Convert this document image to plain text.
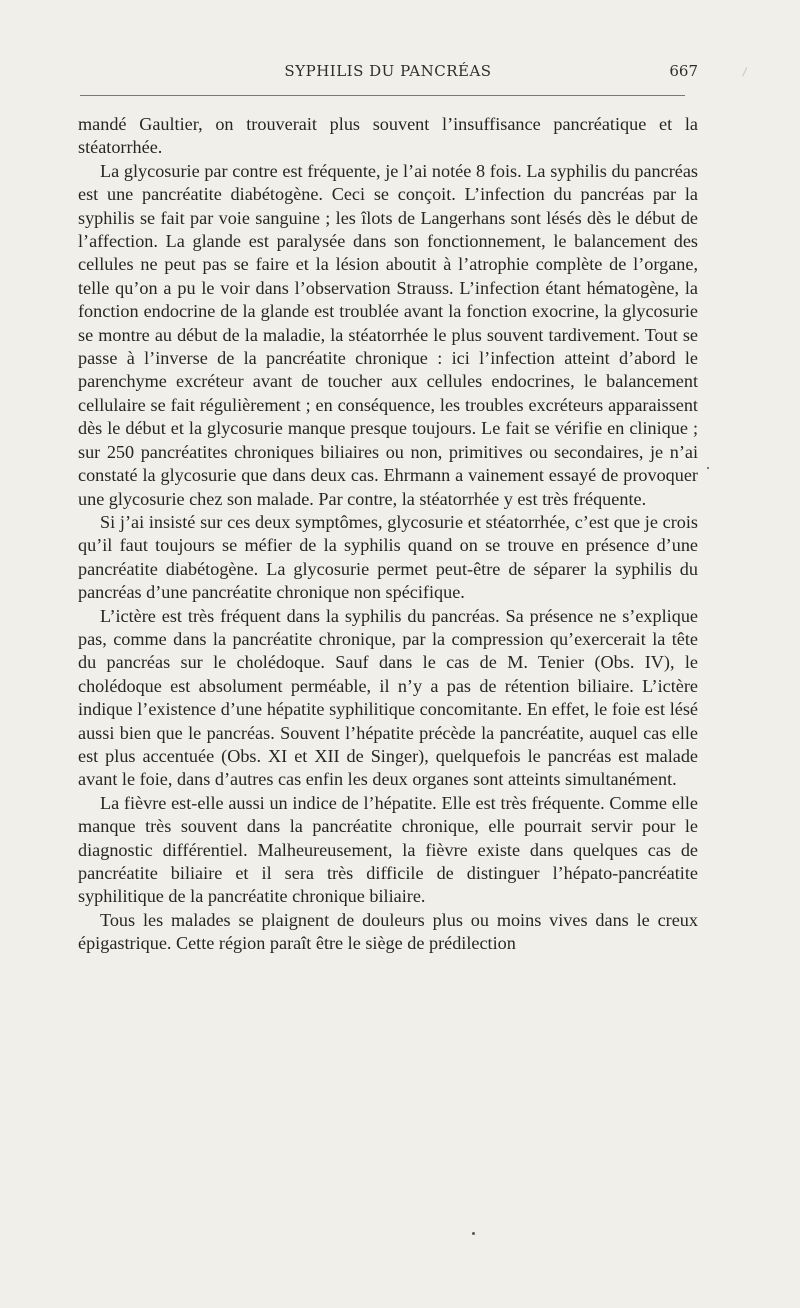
SYPHILIS DU PANCRÉAS	667

mandé Gaultier, on trouverait plus souvent l’insuffisance pancréatique et la stéatorrhée.

La glycosurie par contre est fréquente, je l’ai notée 8 fois. La syphilis du pancréas est une pancréatite diabétogène. Ceci se conçoit. L’infection du pancréas par la syphilis se fait par voie sanguine ; les îlots de Langerhans sont lésés dès le début de l’affection. La glande est paralysée dans son fonctionnement, le balancement des cellules ne peut pas se faire et la lésion aboutit à l’atrophie complète de l’organe, telle qu’on a pu le voir dans l’observation Strauss. L’infection étant hématogène, la fonction endocrine de la glande est troublée avant la fonction exocrine, la glycosurie se montre au début de la maladie, la stéatorrhée le plus souvent tardivement. Tout se passe à l’inverse de la pancréatite chronique : ici l’infection atteint d’abord le parenchyme excréteur avant de toucher aux cellules endocrines, le balancement cellulaire se fait régulièrement ; en conséquence, les troubles excréteurs apparaissent dès le début et la glycosurie manque presque toujours. Le fait se vérifie en clinique ; sur 250 pancréatites chroniques biliaires ou non, primitives ou secondaires, je n’ai constaté la glycosurie que dans deux cas. Ehrmann a vainement essayé de provoquer une glycosurie chez son malade. Par contre, la stéatorrhée y est très fréquente.

Si j’ai insisté sur ces deux symptômes, glycosurie et stéatorrhée, c’est que je crois qu’il faut toujours se méfier de la syphilis quand on se trouve en présence d’une pancréatite diabétogène. La glycosurie permet peut-être de séparer la syphilis du pancréas d’une pancréatite chronique non spécifique.

L’ictère est très fréquent dans la syphilis du pancréas. Sa présence ne s’explique pas, comme dans la pancréatite chronique, par la compression qu’exercerait la tête du pancréas sur le cholédoque. Sauf dans le cas de M. Tenier (Obs. IV), le cholédoque est absolument perméable, il n’y a pas de rétention biliaire. L’ictère indique l’existence d’une hépatite syphilitique concomitante. En effet, le foie est lésé aussi bien que le pancréas. Souvent l’hépatite précède la pancréatite, auquel cas elle est plus accentuée (Obs. XI et XII de Singer), quelquefois le pancréas est malade avant le foie, dans d’autres cas enfin les deux organes sont atteints simultanément.

La fièvre est-elle aussi un indice de l’hépatite. Elle est très fréquente. Comme elle manque très souvent dans la pancréatite chronique, elle pourrait servir pour le diagnostic différentiel. Malheureusement, la fièvre existe dans quelques cas de pancréatite biliaire et il sera très difficile de distinguer l’hépato-pancréatite syphilitique de la pancréatite chronique biliaire.

Tous les malades se plaignent de douleurs plus ou moins vives dans le creux épigastrique. Cette région paraît être le siège de prédilection
